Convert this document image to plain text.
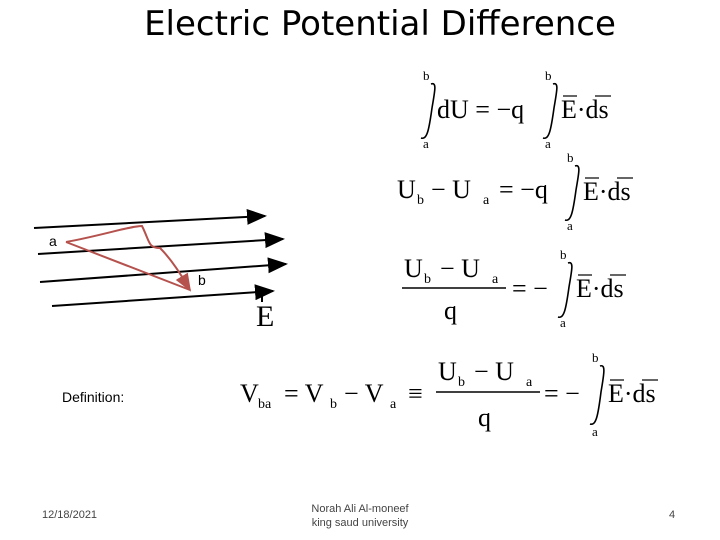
Electric Potential Difference
a
b
E
b
a
dU = −q
b
a
E·ds
U b − U a = −q
b
a
E·ds
U b − U a
q
= −
b
a
E·ds
Definition:	V ba = V b − V a ≡
U b − U a
q
= −
b
a
E·ds
12/18/2021	Norah Ali Al-moneef
king saud university
4
